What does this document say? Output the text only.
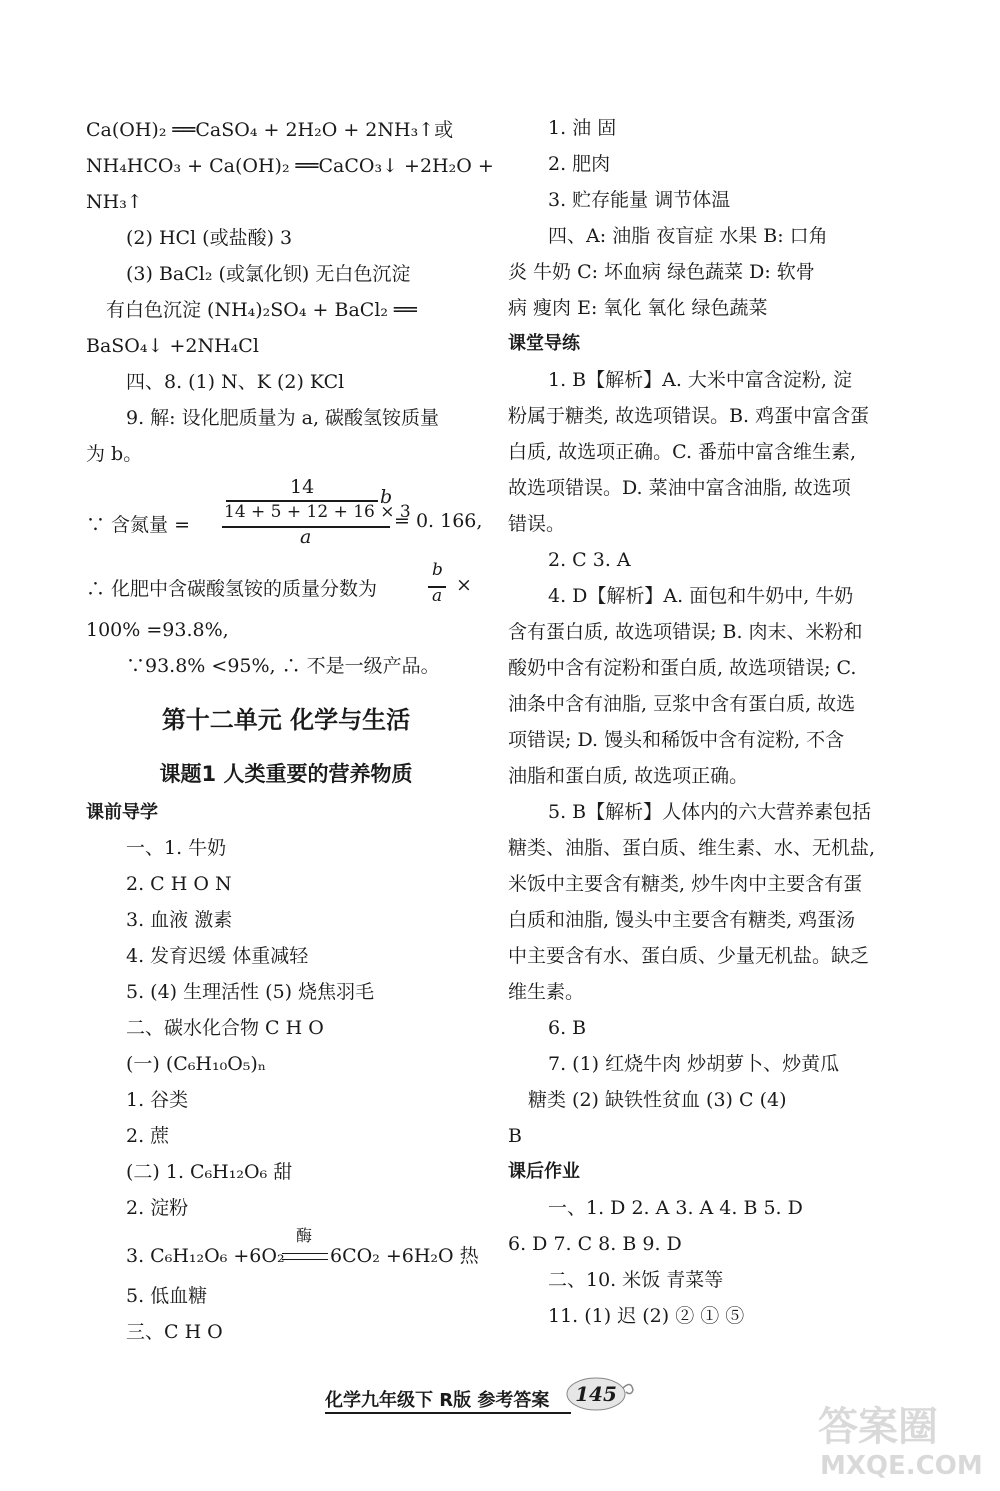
Ca(OH)₂ ══CaSO₄ + 2H₂O + 2NH₃↑或
NH₄HCO₃ + Ca(OH)₂ ══CaCO₃↓ +2H₂O +
NH₃↑
(2) HCl (或盐酸) 3
(3) BaCl₂ (或氯化钡) 无白色沉淀
有白色沉淀 (NH₄)₂SO₄ + BaCl₂ ══
BaSO₄↓ +2NH₄Cl
四、8. (1) N、K (2) KCl
9. 解: 设化肥质量为 a, 碳酸氢铵质量
为 b。
∵ 含氮量 =
14
14 + 5 + 12 + 16 × 3
b
a
= 0. 166,
∴ 化肥中含碳酸氢铵的质量分数为
b
a ×
100% =93.8%,
∵93.8% <95%, ∴ 不是一级产品。
第十二单元 化学与生活
课题1 人类重要的营养物质
课前导学
一、1. 牛奶
2. C H O N
3. 血液 激素
4. 发育迟缓 体重减轻
5. (4) 生理活性 (5) 烧焦羽毛
二、碳水化合物 C H O
(一) (C₆H₁₀O₅)ₙ
1. 谷类
2. 蔗
(二) 1. C₆H₁₂O₆ 甜
2. 淀粉
3. C₆H₁₂O₆ +6O₂
酶
6CO₂ +6H₂O 热
5. 低血糖
三、C H O
1. 油 固
2. 肥肉
3. 贮存能量 调节体温
四、A: 油脂 夜盲症 水果 B: 口角
炎 牛奶 C: 坏血病 绿色蔬菜 D: 软骨
病 瘦肉 E: 氧化 氧化 绿色蔬菜
课堂导练
1. B【解析】A. 大米中富含淀粉, 淀
粉属于糖类, 故选项错误。B. 鸡蛋中富含蛋
白质, 故选项正确。C. 番茄中富含维生素,
故选项错误。D. 菜油中富含油脂, 故选项
错误。
2. C 3. A
4. D【解析】A. 面包和牛奶中, 牛奶
含有蛋白质, 故选项错误; B. 肉末、米粉和
酸奶中含有淀粉和蛋白质, 故选项错误; C.
油条中含有油脂, 豆浆中含有蛋白质, 故选
项错误; D. 馒头和稀饭中含有淀粉, 不含
油脂和蛋白质, 故选项正确。
5. B【解析】人体内的六大营养素包括
糖类、油脂、蛋白质、维生素、水、无机盐,
米饭中主要含有糖类, 炒牛肉中主要含有蛋
白质和油脂, 馒头中主要含有糖类, 鸡蛋汤
中主要含有水、蛋白质、少量无机盐。缺乏
维生素。
6. B
7. (1) 红烧牛肉 炒胡萝卜、炒黄瓜
糖类 (2) 缺铁性贫血 (3) C (4)
B
课后作业
一、1. D 2. A 3. A 4. B 5. D
6. D 7. C 8. B 9. D
二、10. 米饭 青菜等
11. (1) 迟 (2) ② ① ⑤
化学九年级下 R版 参考答案	145
答案圈
MXQE.COM
